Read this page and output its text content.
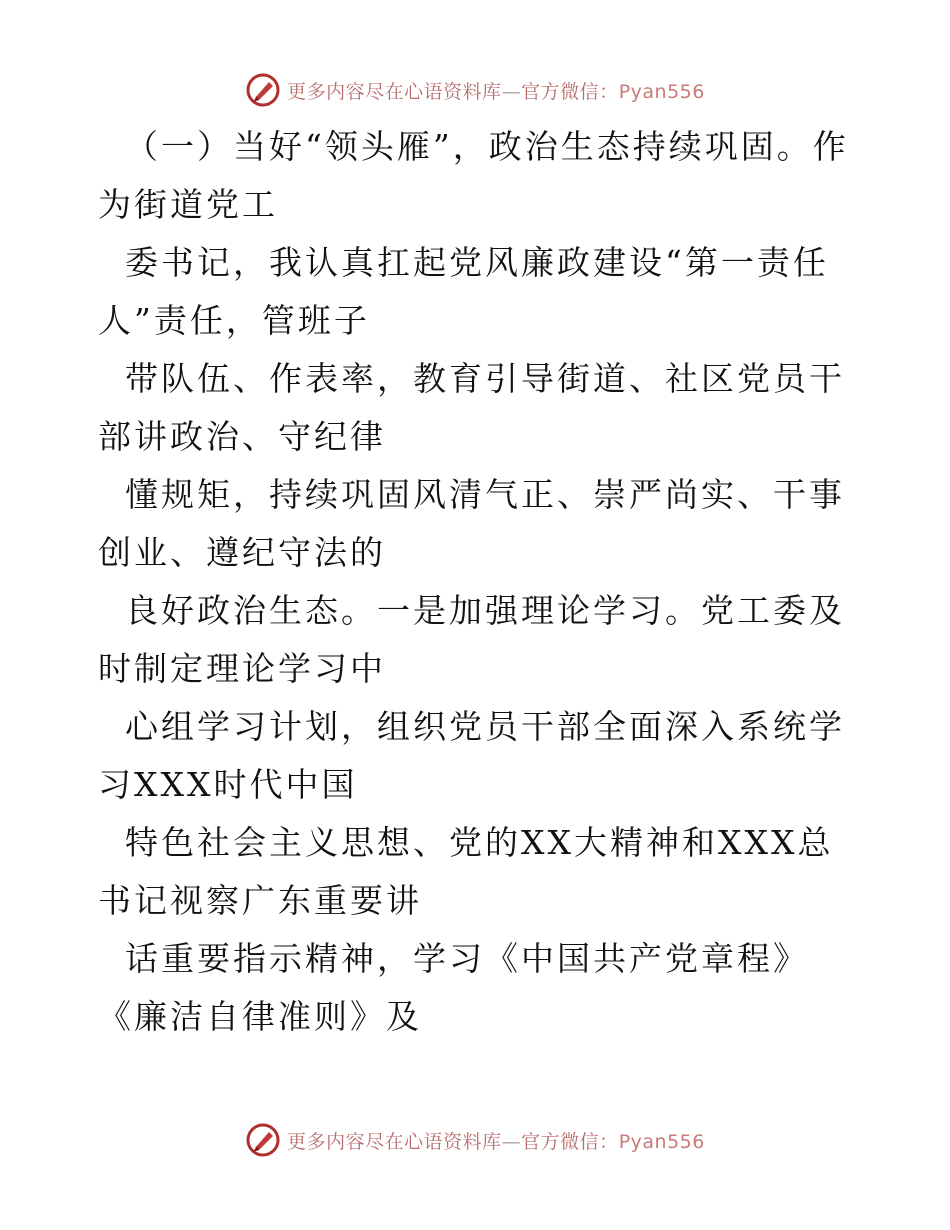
更多内容尽在心语资料库—官方微信：Pyan556

（一）当好“领头雁”，政治生态持续巩固。作为街道党工

委书记，我认真扛起党风廉政建设“第一责任人”责任，管班子

带队伍、作表率，教育引导街道、社区党员干部讲政治、守纪律

懂规矩，持续巩固风清气正、崇严尚实、干事创业、遵纪守法的

良好政治生态。一是加强理论学习。党工委及时制定理论学习中

心组学习计划，组织党员干部全面深入系统学习XXX时代中国

特色社会主义思想、党的XX大精神和XXX总书记视察广东重要讲

话重要指示精神，学习《中国共产党章程》《廉洁自律准则》及

更多内容尽在心语资料库—官方微信：Pyan556
